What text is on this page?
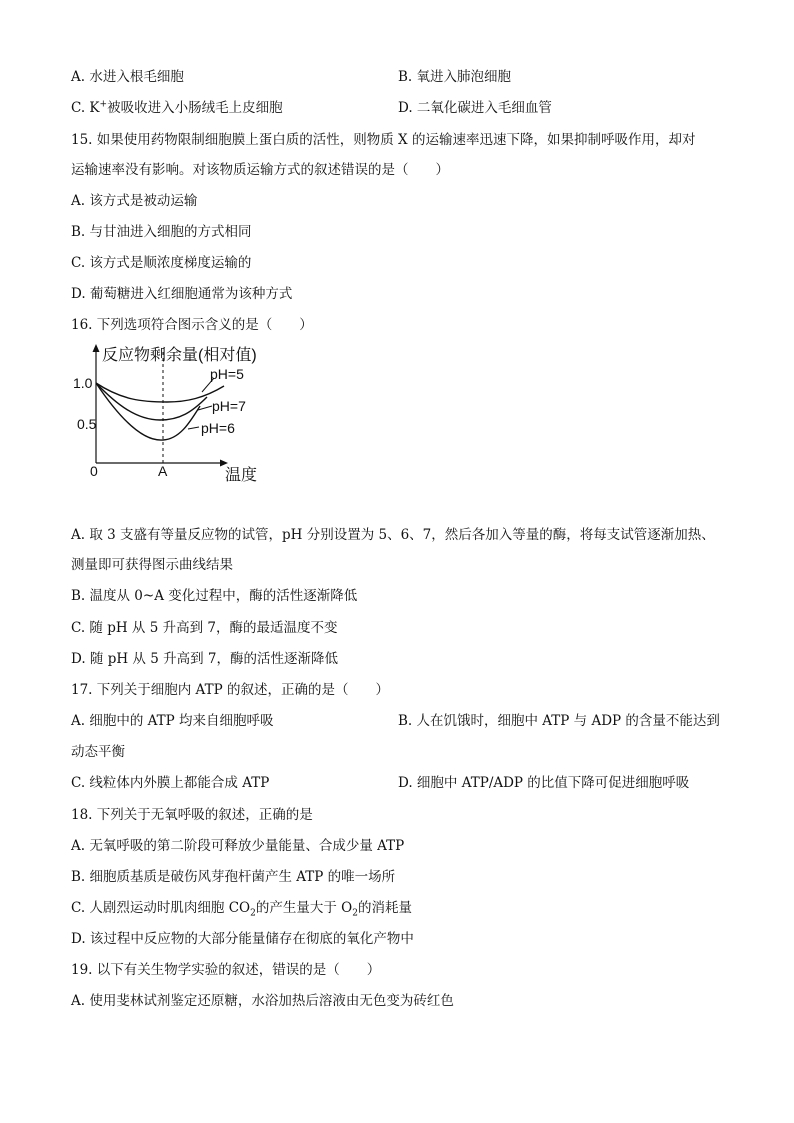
A. 水进入根毛细胞	B. 氧进入肺泡细胞
C. K+被吸收进入小肠绒毛上皮细胞	D. 二氧化碳进入毛细血管
15. 如果使用药物限制细胞膜上蛋白质的活性，则物质 X 的运输速率迅速下降，如果抑制呼吸作用，却对
运输速率没有影响。对该物质运输方式的叙述错误的是（　　）
A. 该方式是被动运输
B. 与甘油进入细胞的方式相同
C. 该方式是顺浓度梯度运输的
D. 葡萄糖进入红细胞通常为该种方式
16. 下列选项符合图示含义的是（　　）
反应物剩余量(相对值)
温度
0
1.0
0.5
A
pH=5
pH=7
pH=6
A. 取 3 支盛有等量反应物的试管，pH 分别设置为 5、6、7，然后各加入等量的酶，将每支试管逐渐加热、
测量即可获得图示曲线结果
B. 温度从 0~A 变化过程中，酶的活性逐渐降低
C. 随 pH 从 5 升高到 7，酶的最适温度不变
D. 随 pH 从 5 升高到 7，酶的活性逐渐降低
17. 下列关于细胞内 ATP 的叙述，正确的是（　　）
A. 细胞中的 ATP 均来自细胞呼吸	B. 人在饥饿时，细胞中 ATP 与 ADP 的含量不能达到
动态平衡
C. 线粒体内外膜上都能合成 ATP	D. 细胞中 ATP/ADP 的比值下降可促进细胞呼吸
18. 下列关于无氧呼吸的叙述，正确的是
A. 无氧呼吸的第二阶段可释放少量能量、合成少量 ATP
B. 细胞质基质是破伤风芽孢杆菌产生 ATP 的唯一场所
C. 人剧烈运动时肌肉细胞 $CO_2$的产生量大于 $O_2$的消耗量
D. 该过程中反应物的大部分能量储存在彻底的氧化产物中
19. 以下有关生物学实验的叙述，错误的是（　　）
A. 使用斐林试剂鉴定还原糖，水浴加热后溶液由无色变为砖红色
